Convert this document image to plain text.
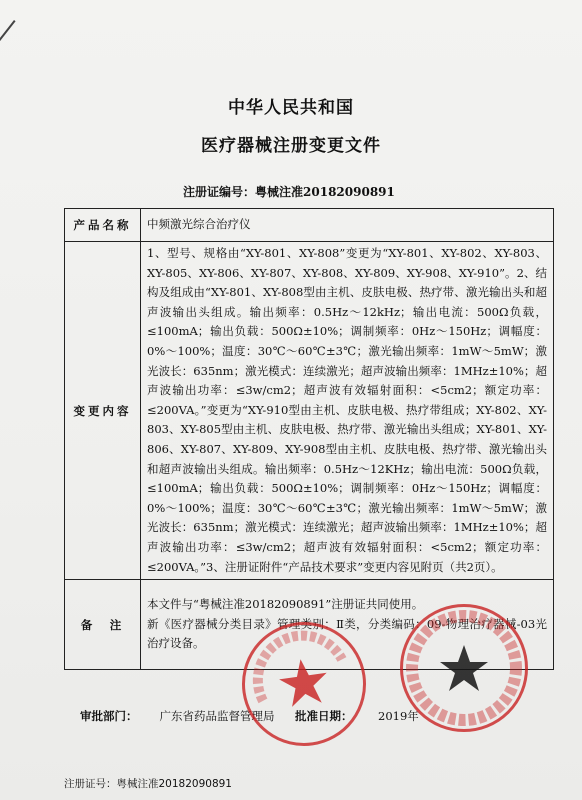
中华人民共和国
医疗器械注册变更文件
注册证编号：粤械注准20182090891
产品名称	中频激光综合治疗仪
变更内容	1、型号、规格由“XY-801、XY-808”变更为“XY-801、XY-802、XY-803、XY-805、XY-806、XY-807、XY-808、XY-809、XY-908、XY-910”。2、结构及组成由“XY-801、XY-808型由主机、皮肤电极、热疗带、激光输出头和超声波输出头组成。输出频率：0.5Hz～12kHz；输出电流：500Ω负载，≤100mA；输出负载：500Ω±10%；调制频率：0Hz～150Hz；调幅度：0%～100%；温度：30℃～60℃±3℃；激光输出频率：1mW～5mW；激光波长：635nm；激光模式：连续激光；超声波输出频率：1MHz±10%；超声波输出功率：≤3w/cm2；超声波有效辐射面积：<5cm2；额定功率：≤200VA。”变更为“XY-910型由主机、皮肤电极、热疗带组成；XY-802、XY-803、XY-805型由主机、皮肤电极、热疗带、激光输出头组成；XY-801、XY-806、XY-807、XY-809、XY-908型由主机、皮肤电极、热疗带、激光输出头和超声波输出头组成。输出频率：0.5Hz～12KHz；输出电流：500Ω负载，≤100mA；输出负载：500Ω±10%；调制频率：0Hz～150Hz；调幅度：0%～100%；温度：30℃～60℃±3℃；激光输出频率：1mW～5mW；激光波长：635nm；激光模式：连续激光；超声波输出频率：1MHz±10%；超声波输出功率：≤3w/cm2；超声波有效辐射面积：<5cm2；额定功率：≤200VA。”3、注册证附件“产品技术要求”变更内容见附页（共2页）。
备　注	本文件与“粤械注准20182090891”注册证共同使用。

新《医疗器械分类目录》管理类别：Ⅱ类，分类编码：09-物理治疗器械-03光治疗设备。

审批部门： 广东省药品监督管理局 批准日期： 2019年
注册证号：粤械注准20182090891
